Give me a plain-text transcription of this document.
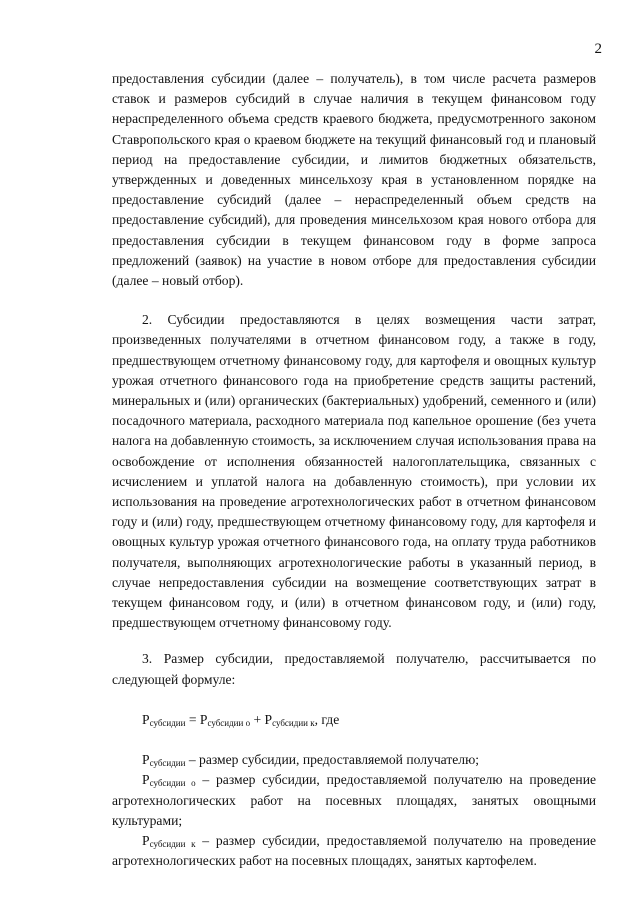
2

предоставления субсидии (далее – получатель), в том числе расчета размеров ставок и размеров субсидий в случае наличия в текущем финансовом году нераспределенного объема средств краевого бюджета, предусмотренного законом Ставропольского края о краевом бюджете на текущий финансовый год и плановый период на предоставление субсидии, и лимитов бюджетных обязательств, утвержденных и доведенных минсельхозу края в установленном порядке на предоставление субсидий (далее – нераспределенный объем средств на предоставление субсидий), для проведения минсельхозом края нового отбора для предоставления субсидии в текущем финансовом году в форме запроса предложений (заявок) на участие в новом отборе для предоставления субсидии (далее – новый отбор).

2. Субсидии предоставляются в целях возмещения части затрат, произведенных получателями в отчетном финансовом году, а также в году, предшествующем отчетному финансовому году, для картофеля и овощных культур урожая отчетного финансового года на приобретение средств защиты растений, минеральных и (или) органических (бактериальных) удобрений, семенного и (или) посадочного материала, расходного материала под капельное орошение (без учета налога на добавленную стоимость, за исключением случая использования права на освобождение от исполнения обязанностей налогоплательщика, связанных с исчислением и уплатой налога на добавленную стоимость), при условии их использования на проведение агротехнологических работ в отчетном финансовом году и (или) году, предшествующем отчетному финансовому году, для картофеля и овощных культур урожая отчетного финансового года, на оплату труда работников получателя, выполняющих агротехнологические работы в указанный период, в случае непредоставления субсидии на возмещение соответствующих затрат в текущем финансовом году, и (или) в отчетном финансовом году, и (или) году, предшествующем отчетному финансовому году.

3. Размер субсидии, предоставляемой получателю, рассчитывается по следующей формуле:

$Р_{субсидии} = Р_{субсидии о} + Р_{субсидии к}$, где

$Р_{субсидии}$ – размер субсидии, предоставляемой получателю;

$Р_{субсидии о}$ – размер субсидии, предоставляемой получателю на проведение агротехнологических работ на посевных площадях, занятых овощными культурами;

$Р_{субсидии к}$ – размер субсидии, предоставляемой получателю на проведение агротехнологических работ на посевных площадях, занятых картофелем.
